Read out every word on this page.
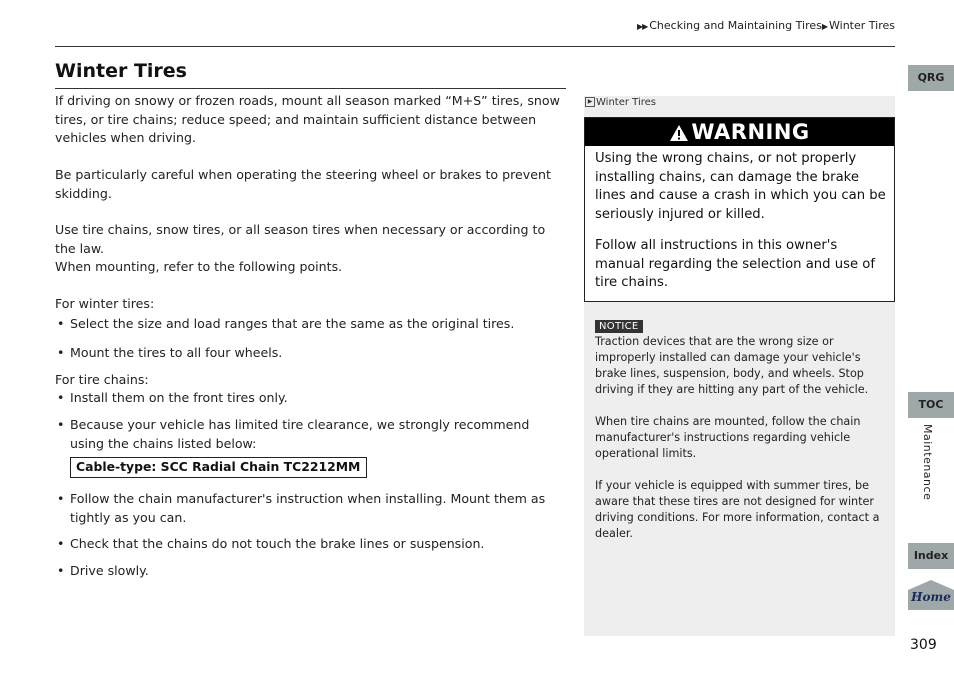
▶▶ Checking and Maintaining Tires▶ Winter Tires
Winter Tires
If driving on snowy or frozen roads, mount all season marked “M+S” tires, snow tires, or tire chains; reduce speed; and maintain sufficient distance between vehicles when driving.
Be particularly careful when operating the steering wheel or brakes to prevent skidding.
Use tire chains, snow tires, or all season tires when necessary or according to the law.
When mounting, refer to the following points.
For winter tires:
• Select the size and load ranges that are the same as the original tires.
• Mount the tires to all four wheels.
For tire chains:
• Install them on the front tires only.
• Because your vehicle has limited tire clearance, we strongly recommend using the chains listed below:
Cable-type: SCC Radial Chain TC2212MM
• Follow the chain manufacturer's instruction when installing. Mount them as tightly as you can.
• Check that the chains do not touch the brake lines or suspension.
• Drive slowly.
▶ Winter Tires
WARNING
Using the wrong chains, or not properly installing chains, can damage the brake lines and cause a crash in which you can be seriously injured or killed.
Follow all instructions in this owner's manual regarding the selection and use of tire chains.
NOTICE
Traction devices that are the wrong size or improperly installed can damage your vehicle's brake lines, suspension, body, and wheels. Stop driving if they are hitting any part of the vehicle.
When tire chains are mounted, follow the chain manufacturer's instructions regarding vehicle operational limits.
If your vehicle is equipped with summer tires, be aware that these tires are not designed for winter driving conditions. For more information, contact a dealer.
QRG
TOC
Maintenance
Index
Home
309
